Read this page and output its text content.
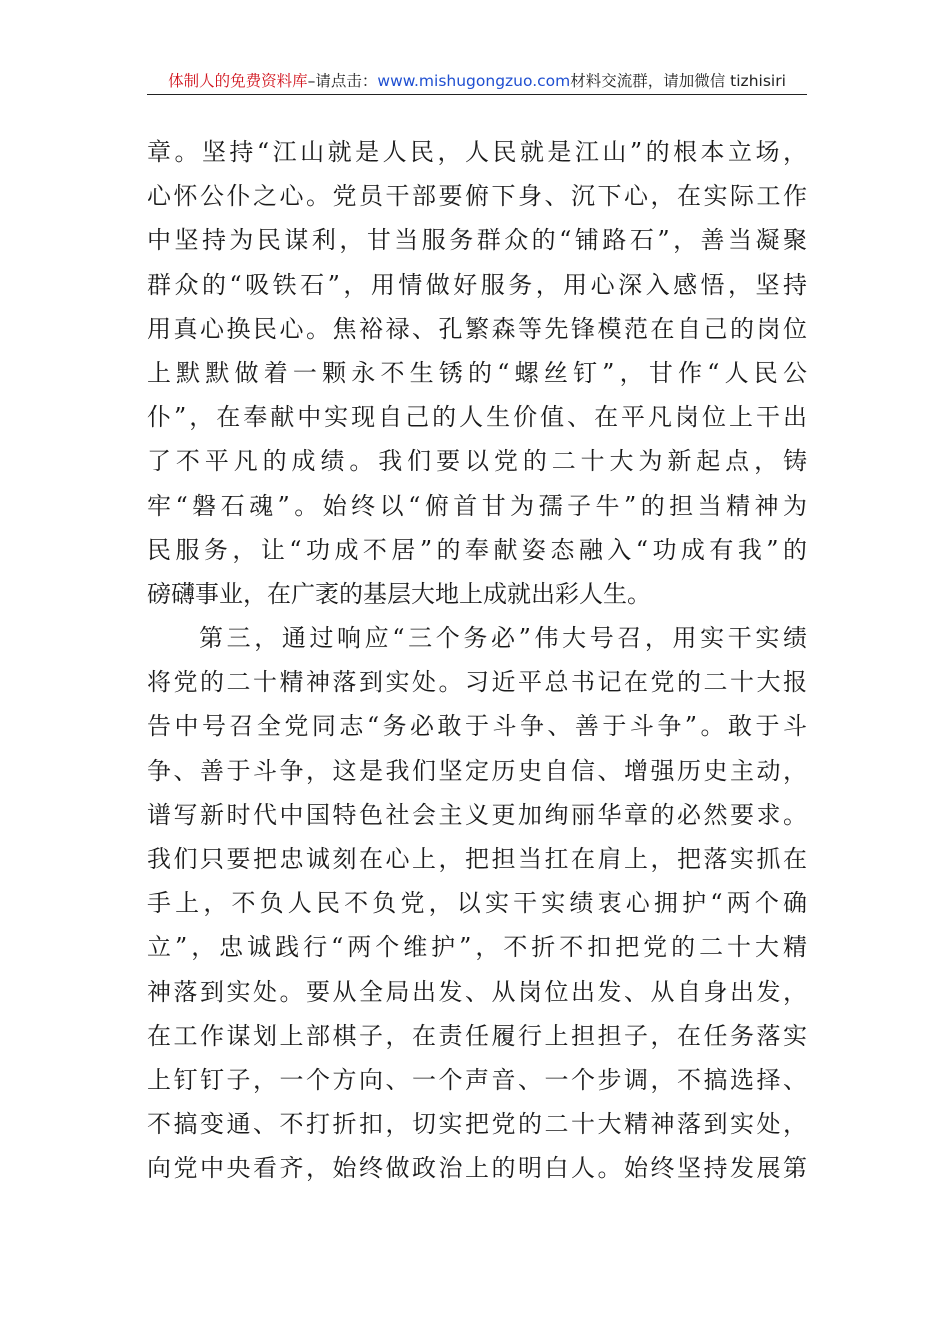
体制人的免费资料库–请点击：www.mishugongzuo.com材料交流群，请加微信 tizhisiri
章。坚持“江山就是人民，人民就是江山”的根本立场，
心怀公仆之心。党员干部要俯下身、沉下心，在实际工作
中坚持为民谋利，甘当服务群众的“铺路石”，善当凝聚
群众的“吸铁石”，用情做好服务，用心深入感悟，坚持
用真心换民心。焦裕禄、孔繁森等先锋模范在自己的岗位
上默默做着一颗永不生锈的“螺丝钉”，甘作“人民公
仆”，在奉献中实现自己的人生价值、在平凡岗位上干出
了不平凡的成绩。我们要以党的二十大为新起点，铸
牢“磐石魂”。始终以“俯首甘为孺子牛”的担当精神为
民服务，让“功成不居”的奉献姿态融入“功成有我”的
磅礴事业，在广袤的基层大地上成就出彩人生。
第三，通过响应“三个务必”伟大号召，用实干实绩
将党的二十精神落到实处。习近平总书记在党的二十大报
告中号召全党同志“务必敢于斗争、善于斗争”。敢于斗
争、善于斗争，这是我们坚定历史自信、增强历史主动，
谱写新时代中国特色社会主义更加绚丽华章的必然要求。
我们只要把忠诚刻在心上，把担当扛在肩上，把落实抓在
手上，不负人民不负党，以实干实绩衷心拥护“两个确
立”，忠诚践行“两个维护”，不折不扣把党的二十大精
神落到实处。要从全局出发、从岗位出发、从自身出发，
在工作谋划上部棋子，在责任履行上担担子，在任务落实
上钉钉子，一个方向、一个声音、一个步调，不搞选择、
不搞变通、不打折扣，切实把党的二十大精神落到实处，
向党中央看齐，始终做政治上的明白人。始终坚持发展第
